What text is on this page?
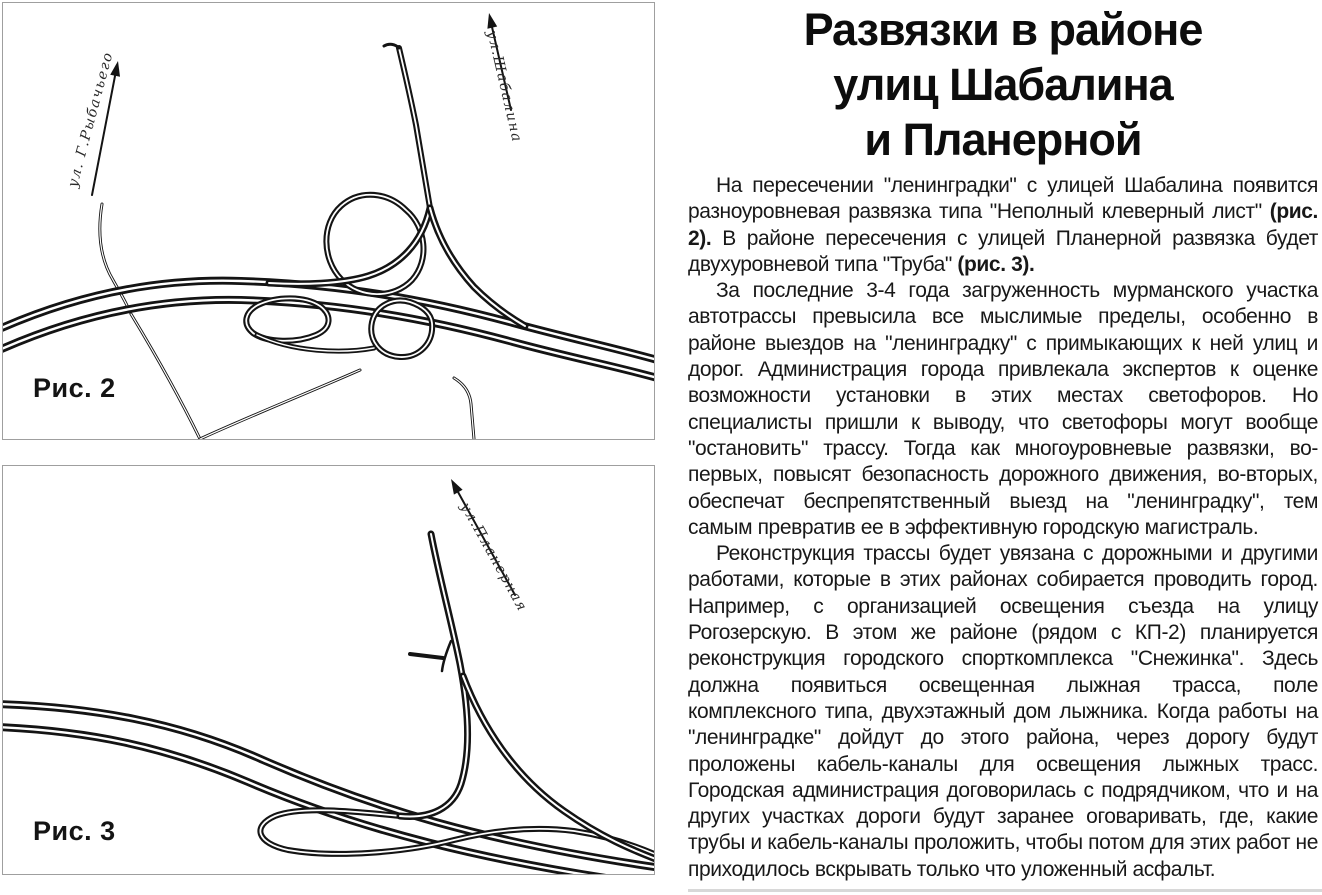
ул. Г.Рыбачьего	ул.Шабалина
Рис. 2
ул.Планерная
Рис. 3
Развязки в районе
улиц Шабалина
и Планерной

На пересечении "ленинградки" с улицей Шабалина появится разноуровневая развязка типа "Неполный клеверный лист" (рис. 2). В районе пересечения с улицей Планерной развязка будет двухуровневой типа "Труба" (рис. 3).

За последние 3-4 года загруженность мурманского участка автотрассы превысила все мыслимые пределы, особенно в районе выездов на "ленинградку" с примыкающих к ней улиц и дорог. Администрация города привлекала экспертов к оценке возможности установки в этих местах светофоров. Но специалисты пришли к выводу, что светофоры могут вообще "остановить" трассу. Тогда как многоуровневые развязки, во-первых, повысят безопасность дорожного движения, во-вторых, обеспечат беспрепятственный выезд на "ленинградку", тем самым превратив ее в эффективную городскую магистраль.

Реконструкция трассы будет увязана с дорожными и другими работами, которые в этих районах собирается проводить город. Например, с организацией освещения съезда на улицу Рогозерскую. В этом же районе (рядом с КП-2) планируется реконструкция городского спорткомплекса "Снежинка". Здесь должна появиться освещенная лыжная трасса, поле комплексного типа, двухэтажный дом лыжника. Когда работы на "ленинградке" дойдут до этого района, через дорогу будут проложены кабель-каналы для освещения лыжных трасс. Городская администрация договорилась с подрядчиком, что и на других участках дороги будут заранее оговаривать, где, какие трубы и кабель-каналы проложить, чтобы потом для этих работ не приходилось вскрывать только что уложенный асфальт.
